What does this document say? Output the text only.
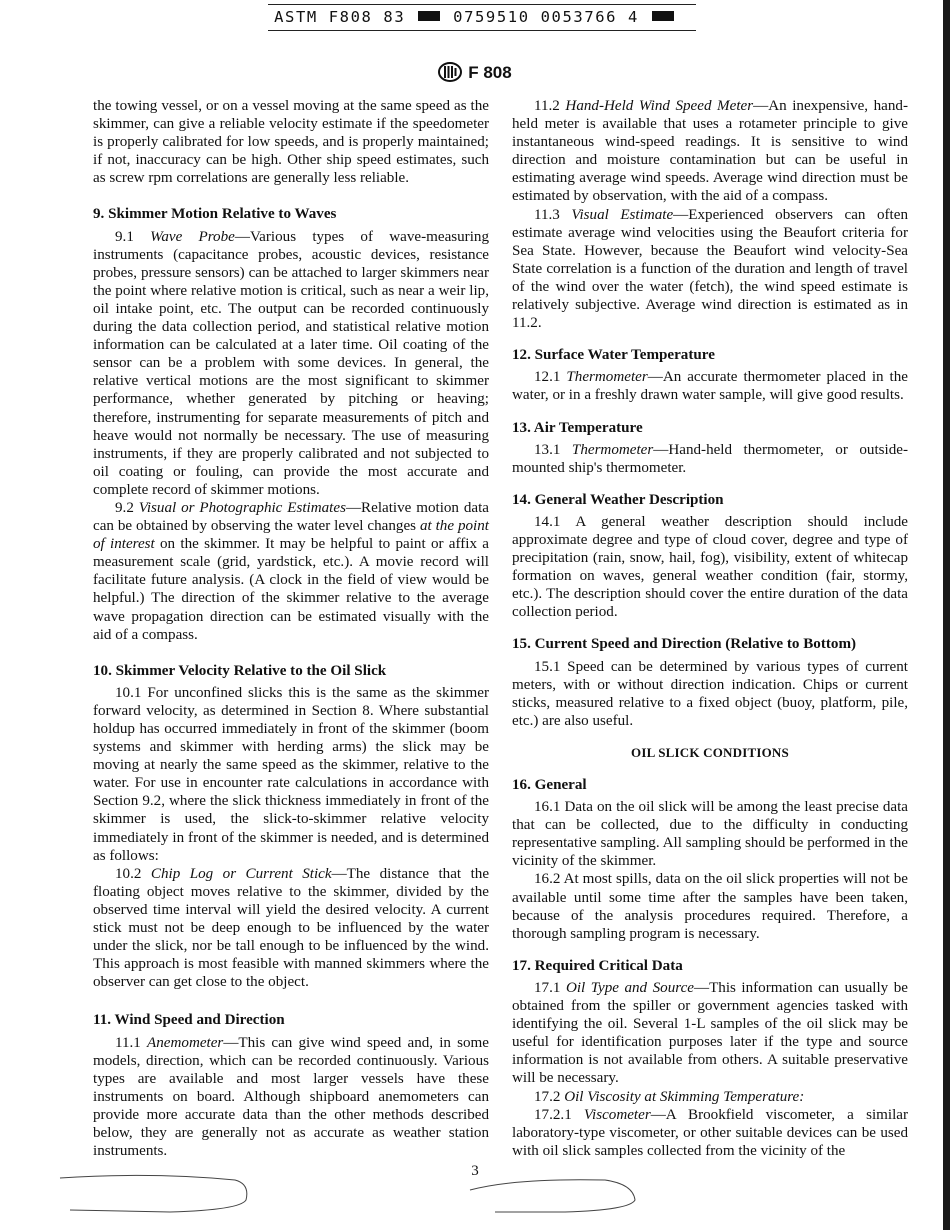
ASTM F808 83	0759510 0053766 4
F 808

the towing vessel, or on a vessel moving at the same speed as the skimmer, can give a reliable velocity estimate if the speedometer is properly calibrated for low speeds, and is properly maintained; if not, inaccuracy can be high. Other ship speed estimates, such as screw rpm correlations are generally less reliable.

9. Skimmer Motion Relative to Waves

9.1 Wave Probe—Various types of wave-measuring instruments (capacitance probes, acoustic devices, resistance probes, pressure sensors) can be attached to larger skimmers near the point where relative motion is critical, such as near a weir lip, oil intake point, etc. The output can be recorded continuously during the data collection period, and statistical relative motion information can be calculated at a later time. Oil coating of the sensor can be a problem with some devices. In general, the relative vertical motions are the most significant to skimmer performance, whether generated by pitching or heaving; therefore, instrumenting for separate measurements of pitch and heave would not normally be necessary. The use of measuring instruments, if they are properly calibrated and not subjected to oil coating or fouling, can provide the most accurate and complete record of skimmer motions.

9.2 Visual or Photographic Estimates—Relative motion data can be obtained by observing the water level changes at the point of interest on the skimmer. It may be helpful to paint or affix a measurement scale (grid, yardstick, etc.). A movie record will facilitate future analysis. (A clock in the field of view would be helpful.) The direction of the skimmer relative to the average wave propagation direction can be estimated visually with the aid of a compass.

10. Skimmer Velocity Relative to the Oil Slick

10.1 For unconfined slicks this is the same as the skimmer forward velocity, as determined in Section 8. Where substantial holdup has occurred immediately in front of the skimmer (boom systems and skimmer with herding arms) the slick may be moving at nearly the same speed as the skimmer, relative to the water. For use in encounter rate calculations in accordance with Section 9.2, where the slick thickness immediately in front of the skimmer is used, the slick-to-skimmer relative velocity immediately in front of the skimmer is needed, and is determined as follows:

10.2 Chip Log or Current Stick—The distance that the floating object moves relative to the skimmer, divided by the observed time interval will yield the desired velocity. A current stick must not be deep enough to be influenced by the water under the slick, nor be tall enough to be influenced by the wind. This approach is most feasible with manned skimmers where the observer can get close to the object.

11. Wind Speed and Direction

11.1 Anemometer—This can give wind speed and, in some models, direction, which can be recorded continuously. Various types are available and most larger vessels have these instruments on board. Although shipboard anemometers can provide more accurate data than the other methods described below, they are generally not as accurate as weather station instruments.

11.2 Hand-Held Wind Speed Meter—An inexpensive, hand-held meter is available that uses a rotameter principle to give instantaneous wind-speed readings. It is sensitive to wind direction and moisture contamination but can be useful in estimating average wind speeds. Average wind direction must be estimated by observation, with the aid of a compass.

11.3 Visual Estimate—Experienced observers can often estimate average wind velocities using the Beaufort criteria for Sea State. However, because the Beaufort wind velocity-Sea State correlation is a function of the duration and length of travel of the wind over the water (fetch), the wind speed estimate is relatively subjective. Average wind direction is estimated as in 11.2.

12. Surface Water Temperature

12.1 Thermometer—An accurate thermometer placed in the water, or in a freshly drawn water sample, will give good results.

13. Air Temperature

13.1 Thermometer—Hand-held thermometer, or outside-mounted ship's thermometer.

14. General Weather Description

14.1 A general weather description should include approximate degree and type of cloud cover, degree and type of precipitation (rain, snow, hail, fog), visibility, extent of whitecap formation on waves, general weather condition (fair, stormy, etc.). The description should cover the entire duration of the data collection period.

15. Current Speed and Direction (Relative to Bottom)

15.1 Speed can be determined by various types of current meters, with or without direction indication. Chips or current sticks, measured relative to a fixed object (buoy, platform, pile, etc.) are also useful.

OIL SLICK CONDITIONS
16. General

16.1 Data on the oil slick will be among the least precise data that can be collected, due to the difficulty in conducting representative sampling. All sampling should be performed in the vicinity of the skimmer.

16.2 At most spills, data on the oil slick properties will not be available until some time after the samples have been taken, because of the analysis procedures required. Therefore, a thorough sampling program is necessary.

17. Required Critical Data

17.1 Oil Type and Source—This information can usually be obtained from the spiller or government agencies tasked with identifying the oil. Several 1-L samples of the oil slick may be useful for identification purposes later if the type and source information is not available from others. A suitable preservative will be necessary.

17.2 Oil Viscosity at Skimming Temperature:

17.2.1 Viscometer—A Brookfield viscometer, a similar laboratory-type viscometer, or other suitable devices can be used with oil slick samples collected from the vicinity of the

3
